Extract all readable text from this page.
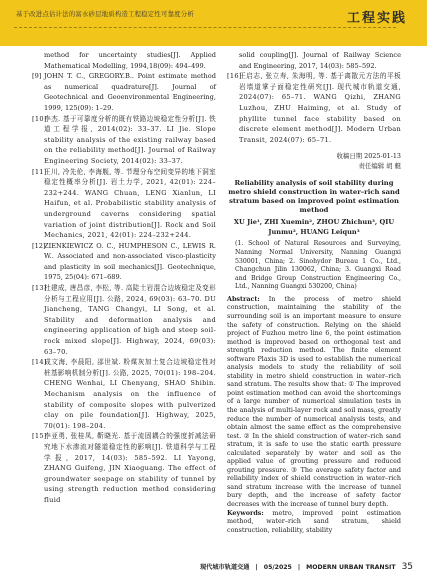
基于改进点估计法的富水砂层地质构造工程稳定性可靠度分析	工程实践

method for uncertainty studies[J]. Applied Mathematical Modelling, 1994,18(09): 494–499.

[9] JOHN T. C., GREGORY.B.. Point estimate method as numerical quadrature[J]. Journal of Geotechnical and Geoenvironmental Engineering, 1999, 125(09): 1–29.

[10]李杰. 基于可靠度分析的既有铁路边坡稳定性分析[J]. 铁道工程学报, 2014(02): 33–37. LI Jie. Slope stability analysis of the existing railway based on the reliability method[J]. Journal of Railway Engineering Society, 2014(02): 33–37.

[11]王川, 冷先伦, 李海舰, 等. 节理分布空间变异的地下洞室稳定性概率分析[J]. 岩土力学, 2021, 42(01): 224–232+244. WANG Chuan, LENG Xianlun, LI Haifun, et al. Probabilistic stability analysis of underground caverns considering spatial variation of joint distribution[J]. Rock and Soil Mechanics, 2021, 42(01): 224–232+244.

[12]ZIENKIEWICZ O. C., HUMPHESON C., LEWIS R. W.. Associated and non-associated visco-plasticity and plasticity in soil mechanics[J]. Geotechnique, 1975, 25(04): 671–689.

[13]杜建成, 唐昌彦, 李松, 等. 高陡土岩混合边坡稳定及变形分析与工程应用[J]. 公路, 2024, 69(03): 63–70. DU Jiancheng, TANG Changyi, LI Song, et al. Stability and deformation analysis and engineering application of high and steep soil-rock mixed slope[J]. Highway, 2024, 69(03): 63–70.

[14]成文海, 李晨阳, 邵世斌. 粉煤灰加土复合边坡稳定性对桩基影响机制分析[J]. 公路, 2025, 70(01): 198–204. CHENG Wenhai, LI Chenyang, SHAO Shibin. Mechanism analysis on the influence of stability of composite slopes with pulverized clay on pile foundation[J]. Highway, 2025, 70(01): 198–204.

[15]李亚勇, 张桂凤, 靳晓光. 基于流固耦合的强度折减法研究地下水渗流对隧道稳定性的影响[J]. 铁道科学与工程学报, 2017, 14(03): 585–592. LI Yayong, ZHANG Guifeng, JIN Xiaoguang. The effect of groundwater seepage on stability of tunnel by using strength reduction method considering fluid

solid coupling[J]. Journal of Railway Science and Engineering, 2017, 14(03): 585–592.

[16]王启志, 张立寿, 朱海明, 等. 基于离散元方法的平板岩墙道掌子面稳定性研究[J]. 现代城市轨道交通, 2024(07): 65–71. WANG Qizhi, ZHANG Luzhou, ZHU Haiming, et al. Study of phyllite tunnel face stability based on discrete element method[J]. Modern Urban Transit, 2024(07): 65–71.

收稿日期 2025-01-13
责任编辑 胡 艇
Reliability analysis of soil stability during metro shield construction in water–rich sand stratum based on improved point estimation method
XU Jie¹, ZHI Xuemin², ZHOU Zhichun³, QIU Junmu², HUANG Leiqun³
(1. School of Natural Resources and Surveying, Nanning Normal University, Nanning Guangxi 530001, China; 2. Sinohydor Bureau 1 Co., Ltd., Changchun Jilin 130062, China; 3. Guangxi Road and Bridge Group Construction Engineering Co., Ltd., Nanning Guangxi 530200, China)
Abstract: In the process of metro shield construction, maintaining the stability of the surrounding soil is an important measure to ensure the safety of construction. Relying on the shield project of Fuzhou metro line 6, the point estimation method is improved based on orthogonal test and strength reduction method. The finite element software Plaxis 3D is used to establish the numerical analysis models to study the reliability of soil stability in metro shield construction in water–rich sand stratum. The results show that: ① The improved point estimation method can avoid the shortcomings of a large number of numerical simulation tests in the analysis of multi-layer rock and soil mass, greatly reduce the number of numerical analysis tests, and obtain almost the same effect as the comprehensive test. ② In the shield construction of water–rich sand stratum, it is safe to use the static earth pressure calculated separately by water and soil as the applied value of grouting pressure and reduced grouting pressure. ③ The average safety factor and reliability index of shield construction in water–rich sand stratum increase with the increase of tunnel bury depth, and the increase of safety factor decreases with the increase of tunnel bury depth.
Keywords: metro, improved point estimation method, water–rich sand stratum, shield construction, reliability, stability
现代城市轨道交通 | 05/2025 | MODERN URBAN TRANSIT 35
